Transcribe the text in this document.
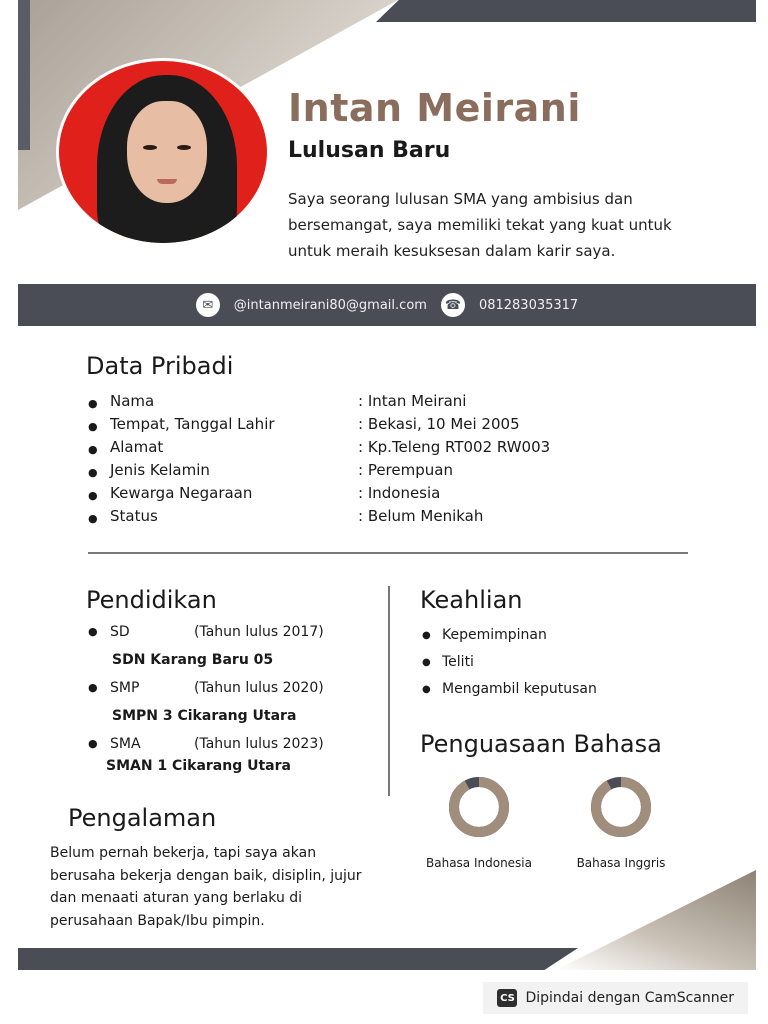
Intan Meirani
Lulusan Baru

Saya seorang lulusan SMA yang ambisius dan bersemangat, saya memiliki tekat yang kuat untuk untuk meraih kesuksesan dalam karir saya.

✉	@intanmeirani80@gmail.com ☎	081283035317
Data Pribadi
● Nama	: Intan Meirani
● Tempat, Tanggal Lahir	: Bekasi, 10 Mei 2005
● Alamat	: Kp.Teleng RT002 RW003
● Jenis Kelamin	: Perempuan
● Kewarga Negaraan	: Indonesia
● Status	: Belum Menikah
Pendidikan
● SD	(Tahun lulus 2017)
SDN Karang Baru 05
● SMP	(Tahun lulus 2020)
SMPN 3 Cikarang Utara
● SMA	(Tahun lulus 2023)
SMAN 1 Cikarang Utara
Pengalaman

Belum pernah bekerja, tapi saya akan berusaha bekerja dengan baik, disiplin, jujur dan menaati aturan yang berlaku di perusahaan Bapak/Ibu pimpin.

Keahlian
● Kepemimpinan
● Teliti
● Mengambil keputusan
Penguasaan Bahasa
Bahasa Indonesia	Bahasa Inggris
CS Dipindai dengan CamScanner
